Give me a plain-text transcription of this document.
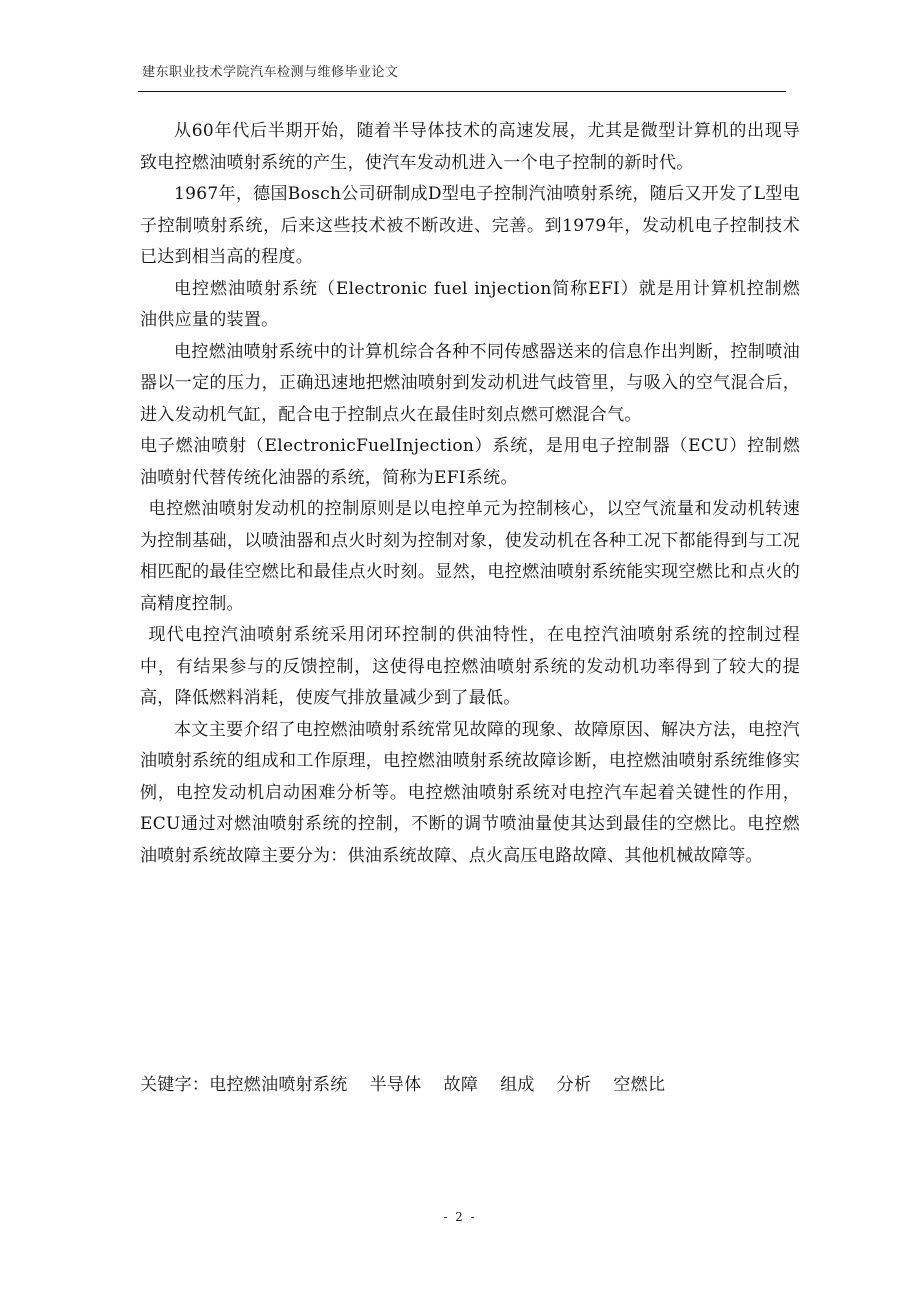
建东职业技术学院汽车检测与维修毕业论文

从60年代后半期开始，随着半导体技术的高速发展，尤其是微型计算机的出现导致电控燃油喷射系统的产生，使汽车发动机进入一个电子控制的新时代。

1967年，德国Bosch公司研制成D型电子控制汽油喷射系统，随后又开发了L型电子控制喷射系统，后来这些技术被不断改进、完善。到1979年，发动机电子控制技术已达到相当高的程度。

电控燃油喷射系统（Electronic fuel injection简称EFI）就是用计算机控制燃油供应量的装置。

电控燃油喷射系统中的计算机综合各种不同传感器送来的信息作出判断，控制喷油器以一定的压力，正确迅速地把燃油喷射到发动机进气歧管里，与吸入的空气混合后，进入发动机气缸，配合电于控制点火在最佳时刻点燃可燃混合气。

电子燃油喷射（ElectronicFuelInjection）系统，是用电子控制器（ECU）控制燃油喷射代替传统化油器的系统，简称为EFI系统。

电控燃油喷射发动机的控制原则是以电控单元为控制核心，以空气流量和发动机转速为控制基础，以喷油器和点火时刻为控制对象，使发动机在各种工况下都能得到与工况相匹配的最佳空燃比和最佳点火时刻。显然，电控燃油喷射系统能实现空燃比和点火的高精度控制。

现代电控汽油喷射系统采用闭环控制的供油特性，在电控汽油喷射系统的控制过程中，有结果参与的反馈控制，这使得电控燃油喷射系统的发动机功率得到了较大的提高，降低燃料消耗，使废气排放量减少到了最低。

本文主要介绍了电控燃油喷射系统常见故障的现象、故障原因、解决方法，电控汽油喷射系统的组成和工作原理，电控燃油喷射系统故障诊断，电控燃油喷射系统维修实例，电控发动机启动困难分析等。电控燃油喷射系统对电控汽车起着关键性的作用，ECU通过对燃油喷射系统的控制，不断的调节喷油量使其达到最佳的空燃比。电控燃油喷射系统故障主要分为：供油系统故障、点火高压电路故障、其他机械故障等。

关键字： 电控燃油喷射系统 半导体 故障 组成 分析 空燃比
- 2 -
